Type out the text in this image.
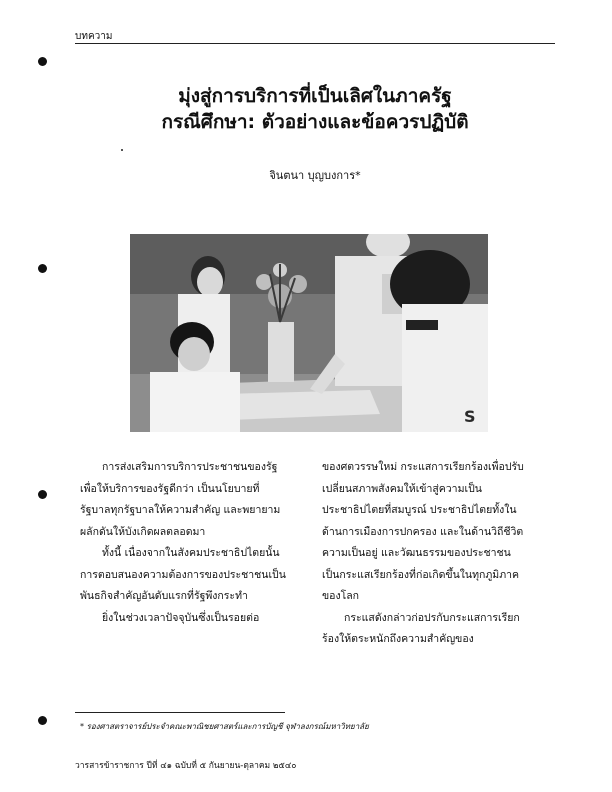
บทความ
มุ่งสู่การบริการที่เป็นเลิศในภาครัฐ
กรณีศึกษา: ตัวอย่างและข้อควรปฏิบัติ
จินตนา บุญบงการ*
S

การส่งเสริมการบริการประชาชนของรัฐเพื่อให้บริการของรัฐดีกว่า เป็นนโยบายที่รัฐบาลทุกรัฐบาลให้ความสำคัญ และพยายามผลักดันให้บังเกิดผลตลอดมา

ทั้งนี้ เนื่องจากในสังคมประชาธิปไตยนั้น การตอบสนองความต้องการของประชาชนเป็นพันธกิจสำคัญอันดับแรกที่รัฐพึงกระทำ

ยิ่งในช่วงเวลาปัจจุบันซึ่งเป็นรอยต่อ

ของศตวรรษใหม่ กระแสการเรียกร้องเพื่อปรับเปลี่ยนสภาพสังคมให้เข้าสู่ความเป็นประชาธิปไตยที่สมบูรณ์ ประชาธิปไตยทั้งในด้านการเมืองการปกครอง และในด้านวิถีชีวิตความเป็นอยู่ และวัฒนธรรมของประชาชน เป็นกระแสเรียกร้องที่ก่อเกิดขึ้นในทุกภูมิภาคของโลก

กระแสดังกล่าวก่อปรกับกระแสการเรียกร้องให้ตระหนักถึงความสำคัญของ

* รองศาสตราจารย์ประจำคณะพาณิชยศาสตร์และการบัญชี จุฬาลงกรณ์มหาวิทยาลัย
วารสารข้าราชการ ปีที่ ๔๑ ฉบับที่ ๕ กันยายน-ตุลาคม ๒๕๔๐
